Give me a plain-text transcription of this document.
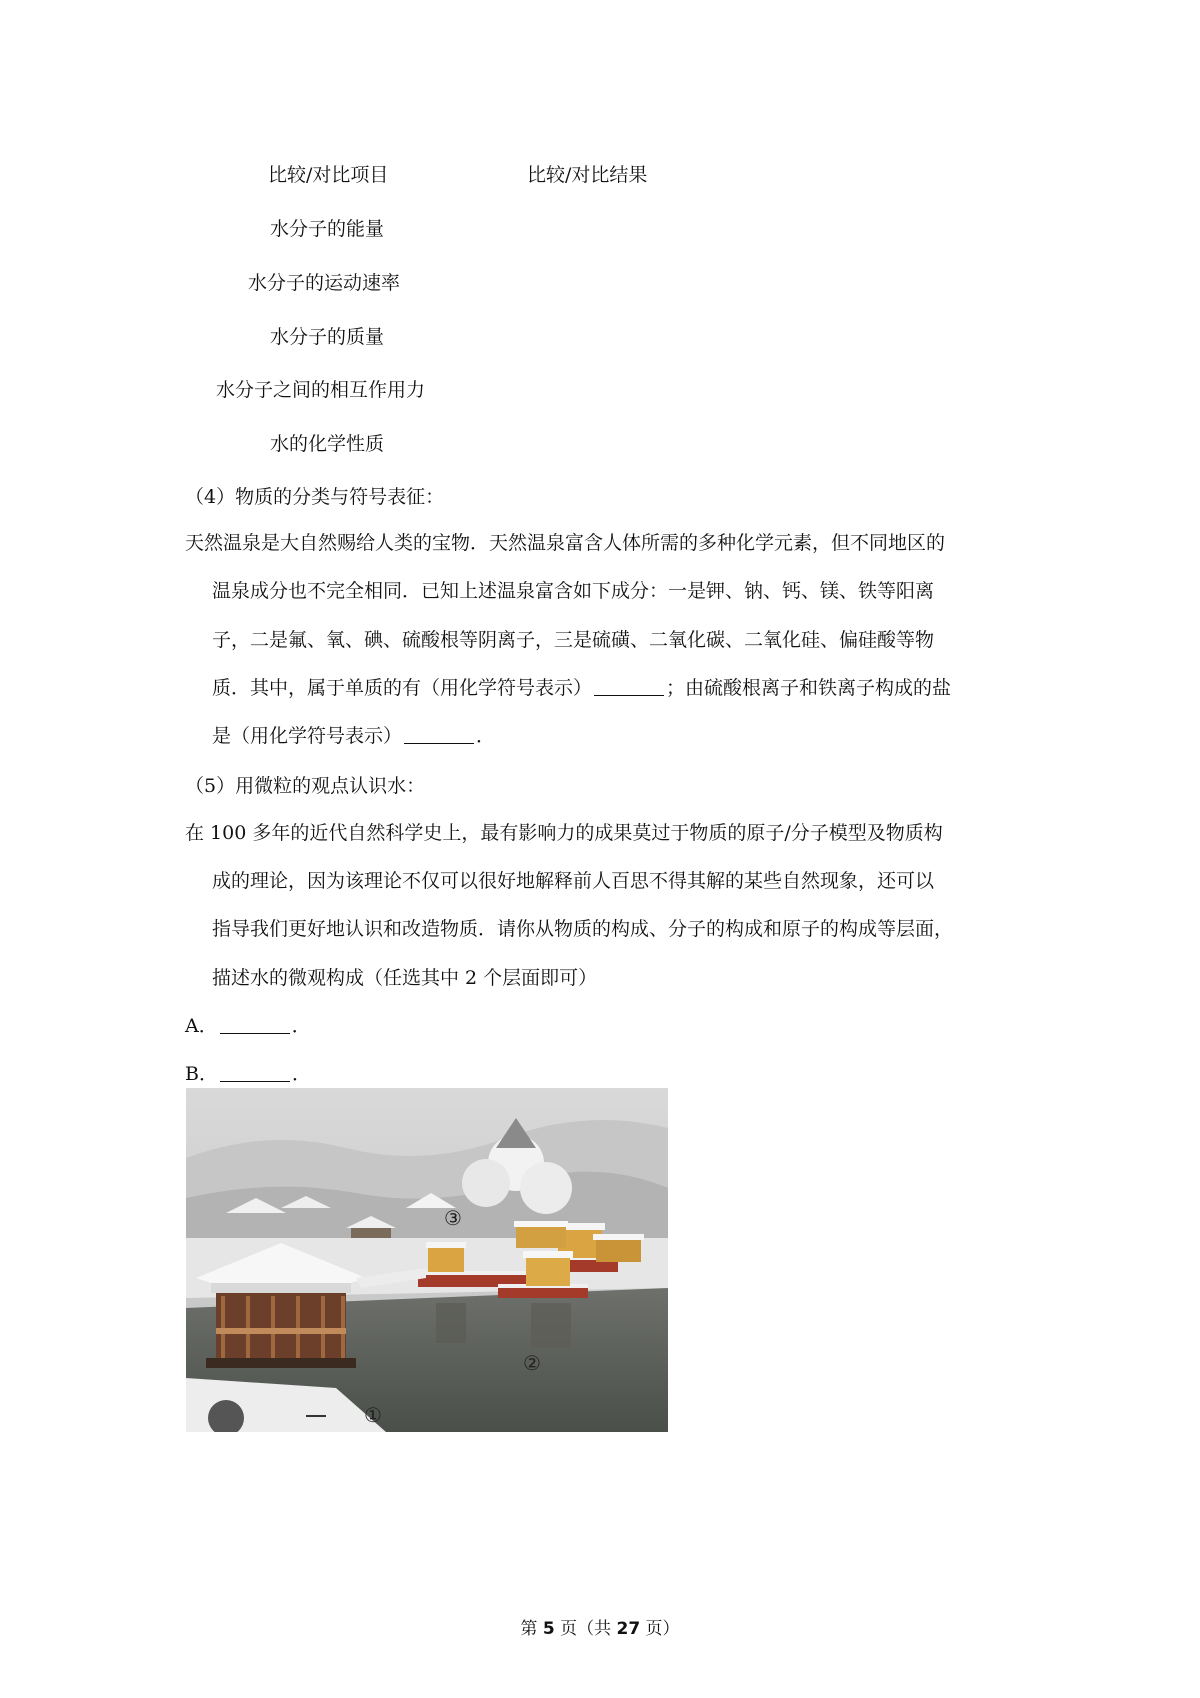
比较/对比项目	比较/对比结果
水分子的能量
水分子的运动速率
水分子的质量
水分子之间的相互作用力
水的化学性质
（4）物质的分类与符号表征：
天然温泉是大自然赐给人类的宝物．天然温泉富含人体所需的多种化学元素，但不同地区的
温泉成分也不完全相同．已知上述温泉富含如下成分：一是钾、钠、钙、镁、铁等阳离
子，二是氟、氧、碘、硫酸根等阴离子，三是硫磺、二氧化碳、二氧化硅、偏硅酸等物
质．其中，属于单质的有（用化学符号表示）	；由硫酸根离子和铁离子构成的盐
是（用化学符号表示）	．
（5）用微粒的观点认识水：
在 100 多年的近代自然科学史上，最有影响力的成果莫过于物质的原子/分子模型及物质构
成的理论，因为该理论不仅可以很好地解释前人百思不得其解的某些自然现象，还可以
指导我们更好地认识和改造物质．请你从物质的构成、分子的构成和原子的构成等层面，
描述水的微观构成（任选其中 2 个层面即可）
A．	．
B．	．
③
②
①
第 5 页（共 27 页）
